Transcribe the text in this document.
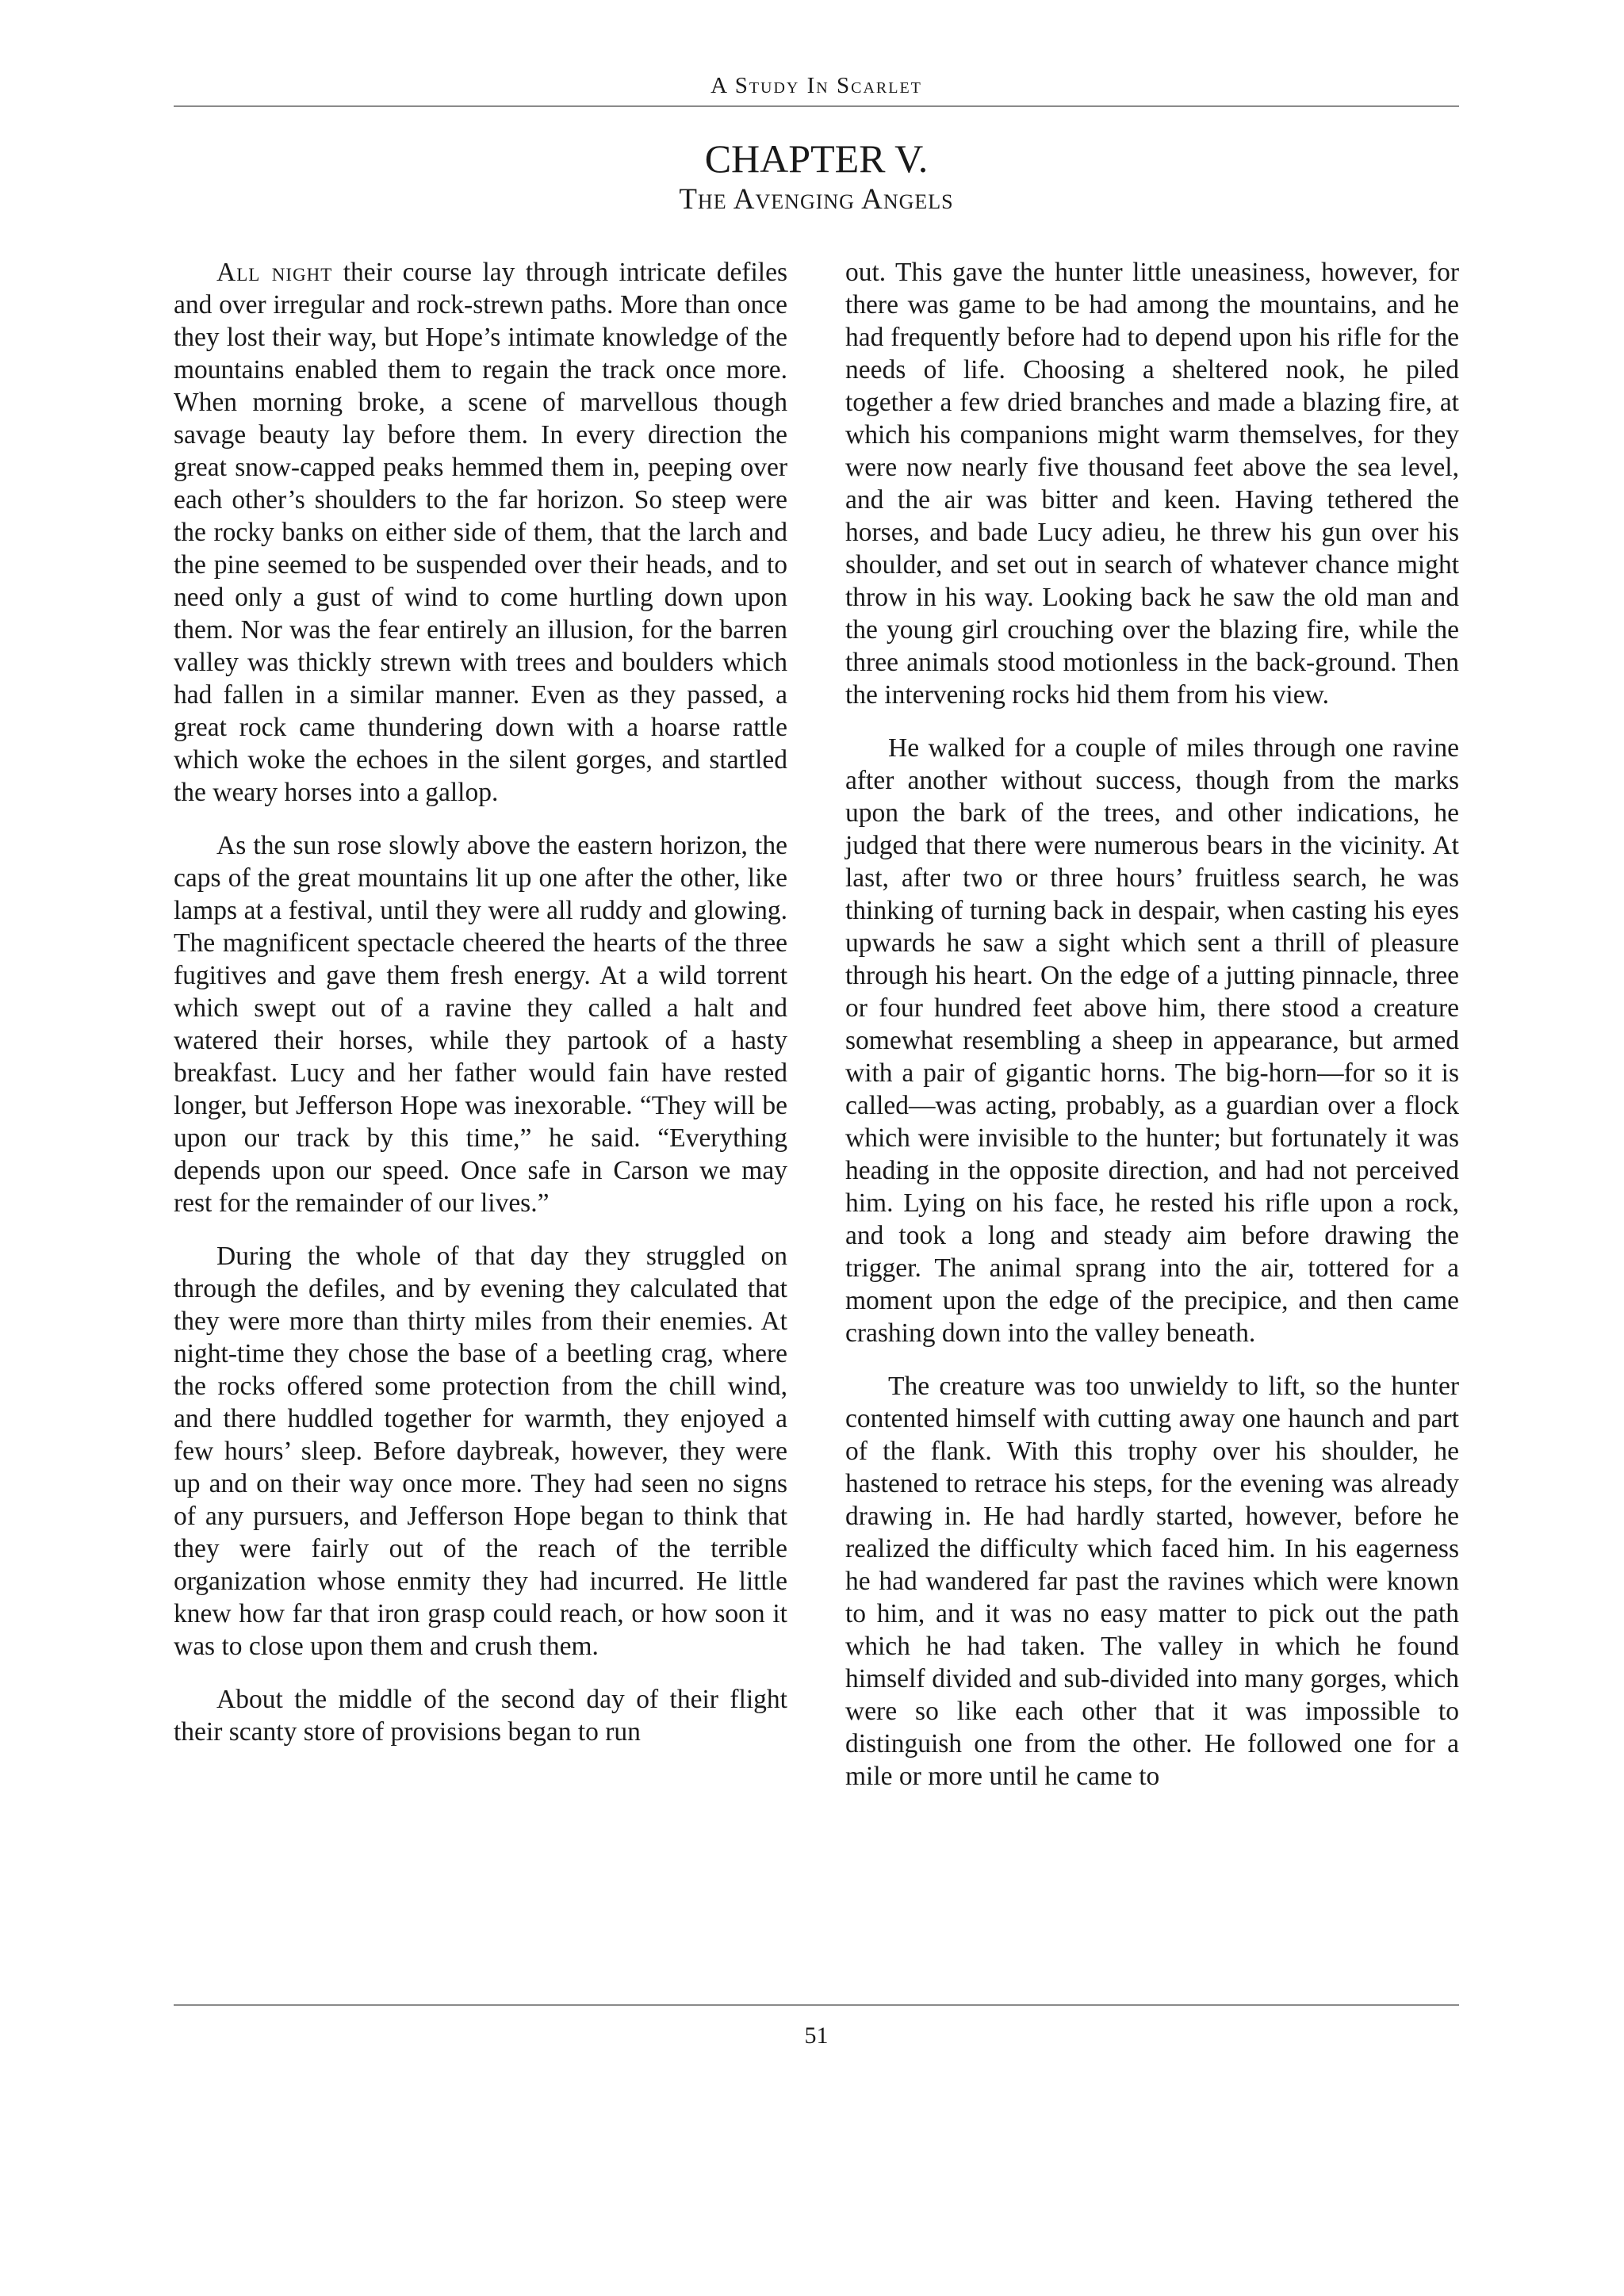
A Study In Scarlet
CHAPTER V.
The Avenging Angels

All night their course lay through intricate defiles and over irregular and rock-strewn paths. More than once they lost their way, but Hope’s intimate knowledge of the mountains enabled them to regain the track once more. When morning broke, a scene of marvellous though savage beauty lay before them. In every direction the great snow-capped peaks hemmed them in, peeping over each other’s shoulders to the far horizon. So steep were the rocky banks on either side of them, that the larch and the pine seemed to be suspended over their heads, and to need only a gust of wind to come hurtling down upon them. Nor was the fear entirely an illusion, for the barren valley was thickly strewn with trees and boulders which had fallen in a similar manner. Even as they passed, a great rock came thundering down with a hoarse rattle which woke the echoes in the silent gorges, and startled the weary horses into a gallop.

As the sun rose slowly above the eastern horizon, the caps of the great mountains lit up one after the other, like lamps at a festival, until they were all ruddy and glowing. The magnificent spectacle cheered the hearts of the three fugitives and gave them fresh energy. At a wild torrent which swept out of a ravine they called a halt and watered their horses, while they partook of a hasty breakfast. Lucy and her father would fain have rested longer, but Jefferson Hope was inexorable. “They will be upon our track by this time,” he said. “Everything depends upon our speed. Once safe in Carson we may rest for the remainder of our lives.”

During the whole of that day they struggled on through the defiles, and by evening they calculated that they were more than thirty miles from their enemies. At night-time they chose the base of a beetling crag, where the rocks offered some protection from the chill wind, and there huddled together for warmth, they enjoyed a few hours’ sleep. Before daybreak, however, they were up and on their way once more. They had seen no signs of any pursuers, and Jefferson Hope began to think that they were fairly out of the reach of the terrible organization whose enmity they had incurred. He little knew how far that iron grasp could reach, or how soon it was to close upon them and crush them.

About the middle of the second day of their flight their scanty store of provisions began to run

out. This gave the hunter little uneasiness, however, for there was game to be had among the mountains, and he had frequently before had to depend upon his rifle for the needs of life. Choosing a sheltered nook, he piled together a few dried branches and made a blazing fire, at which his companions might warm themselves, for they were now nearly five thousand feet above the sea level, and the air was bitter and keen. Having tethered the horses, and bade Lucy adieu, he threw his gun over his shoulder, and set out in search of whatever chance might throw in his way. Looking back he saw the old man and the young girl crouching over the blazing fire, while the three animals stood motionless in the back-ground. Then the intervening rocks hid them from his view.

He walked for a couple of miles through one ravine after another without success, though from the marks upon the bark of the trees, and other indications, he judged that there were numerous bears in the vicinity. At last, after two or three hours’ fruitless search, he was thinking of turning back in despair, when casting his eyes upwards he saw a sight which sent a thrill of pleasure through his heart. On the edge of a jutting pinnacle, three or four hundred feet above him, there stood a creature somewhat resembling a sheep in appearance, but armed with a pair of gigantic horns. The big-horn—for so it is called—was acting, probably, as a guardian over a flock which were invisible to the hunter; but fortunately it was heading in the opposite direction, and had not perceived him. Lying on his face, he rested his rifle upon a rock, and took a long and steady aim before drawing the trigger. The animal sprang into the air, tottered for a moment upon the edge of the precipice, and then came crashing down into the valley beneath.

The creature was too unwieldy to lift, so the hunter contented himself with cutting away one haunch and part of the flank. With this trophy over his shoulder, he hastened to retrace his steps, for the evening was already drawing in. He had hardly started, however, before he realized the difficulty which faced him. In his eagerness he had wandered far past the ravines which were known to him, and it was no easy matter to pick out the path which he had taken. The valley in which he found himself divided and sub-divided into many gorges, which were so like each other that it was impossible to distinguish one from the other. He followed one for a mile or more until he came to

51
